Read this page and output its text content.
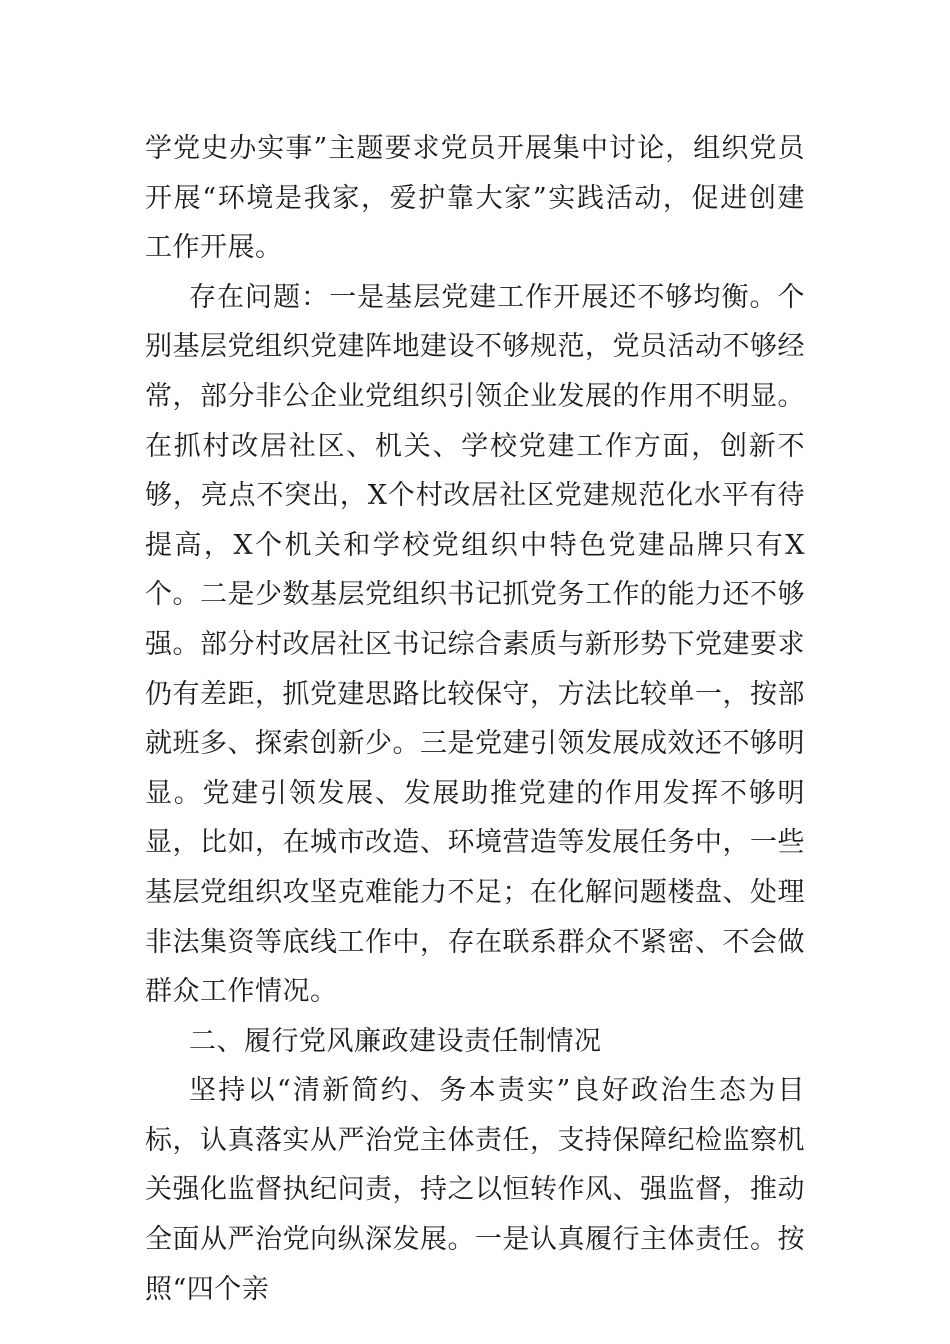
学党史办实事”主题要求党员开展集中讨论，组织党员开展“环境是我家，爱护靠大家”实践活动，促进创建工作开展。

存在问题：一是基层党建工作开展还不够均衡。个别基层党组织党建阵地建设不够规范，党员活动不够经常，部分非公企业党组织引领企业发展的作用不明显。在抓村改居社区、机关、学校党建工作方面，创新不够，亮点不突出，X个村改居社区党建规范化水平有待提高，X个机关和学校党组织中特色党建品牌只有X个。二是少数基层党组织书记抓党务工作的能力还不够强。部分村改居社区书记综合素质与新形势下党建要求仍有差距，抓党建思路比较保守，方法比较单一，按部就班多、探索创新少。三是党建引领发展成效还不够明显。党建引领发展、发展助推党建的作用发挥不够明显，比如，在城市改造、环境营造等发展任务中，一些基层党组织攻坚克难能力不足；在化解问题楼盘、处理非法集资等底线工作中，存在联系群众不紧密、不会做群众工作情况。

二、履行党风廉政建设责任制情况

坚持以“清新简约、务本责实”良好政治生态为目标，认真落实从严治党主体责任，支持保障纪检监察机关强化监督执纪问责，持之以恒转作风、强监督，推动全面从严治党向纵深发展。一是认真履行主体责任。按照“四个亲
